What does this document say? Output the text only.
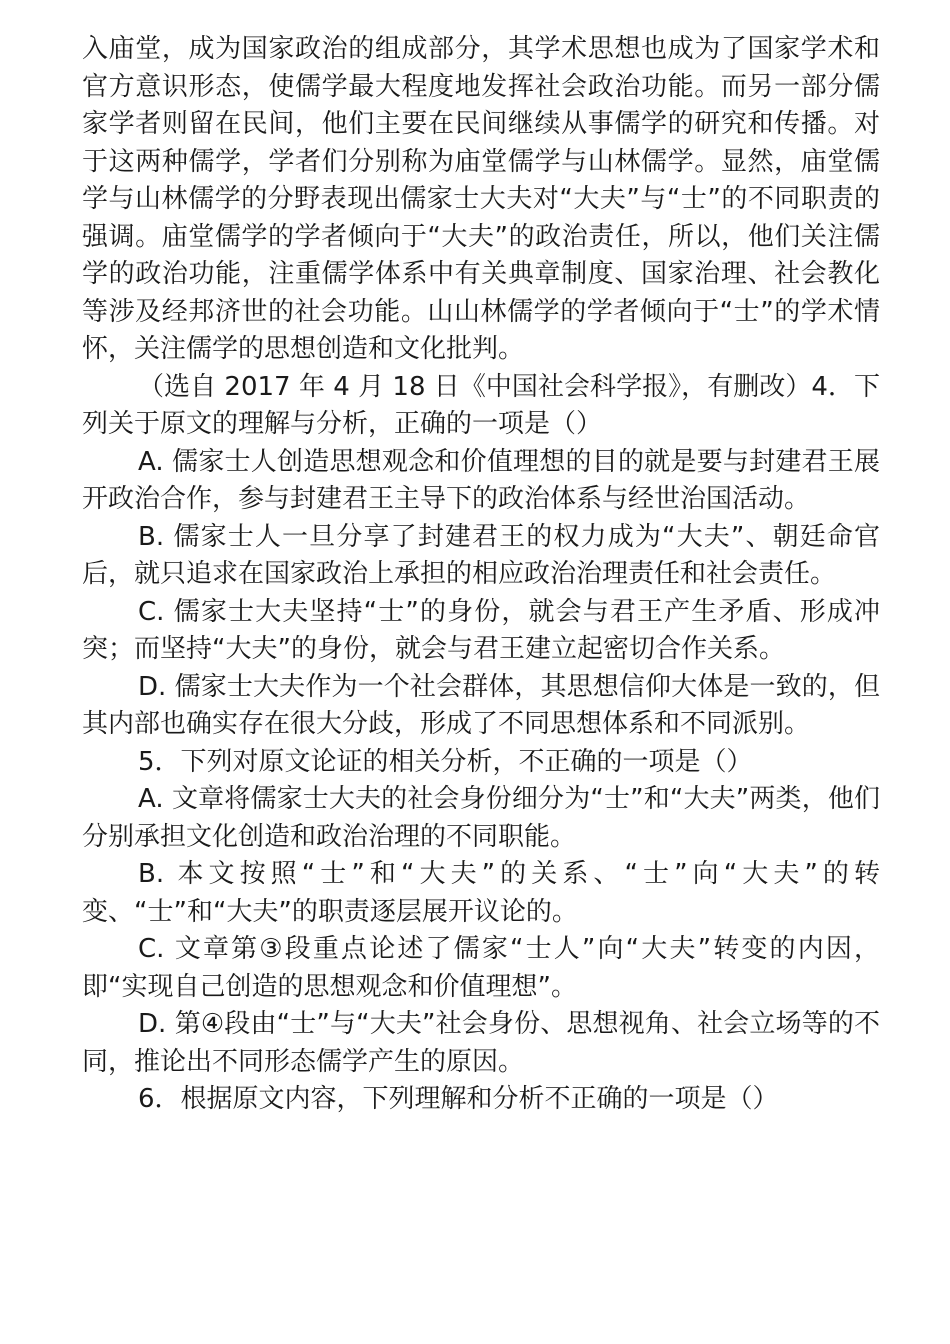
入庙堂，成为国家政治的组成部分，其学术思想也成为了国家学术和官方意识形态，使儒学最大程度地发挥社会政治功能。而另一部分儒家学者则留在民间，他们主要在民间继续从事儒学的研究和传播。对于这两种儒学，学者们分别称为庙堂儒学与山林儒学。显然，庙堂儒学与山林儒学的分野表现出儒家士大夫对“大夫”与“士”的不同职责的强调。庙堂儒学的学者倾向于“大夫”的政治责任，所以，他们关注儒学的政治功能，注重儒学体系中有关典章制度、国家治理、社会教化等涉及经邦济世的社会功能。山山林儒学的学者倾向于“士”的学术情怀，关注儒学的思想创造和文化批判。

（选自 2017 年 4 月 18 日《中国社会科学报》，有删改）4．下列关于原文的理解与分析，正确的一项是（）

A. 儒家士人创造思想观念和价值理想的目的就是要与封建君王展开政治合作，参与封建君王主导下的政治体系与经世治国活动。

B. 儒家士人一旦分享了封建君王的权力成为“大夫”、朝廷命官后，就只追求在国家政治上承担的相应政治治理责任和社会责任。

C. 儒家士大夫坚持“士”的身份，就会与君王产生矛盾、形成冲突；而坚持“大夫”的身份，就会与君王建立起密切合作关系。

D. 儒家士大夫作为一个社会群体，其思想信仰大体是一致的，但其内部也确实存在很大分歧，形成了不同思想体系和不同派别。

5．下列对原文论证的相关分析，不正确的一项是（）

A. 文章将儒家士大夫的社会身份细分为“士”和“大夫”两类，他们分别承担文化创造和政治治理的不同职能。

B. 本文按照“士”和“大夫”的关系、“士”向“大夫”的转变、“士”和“大夫”的职责逐层展开议论的。

C. 文章第③段重点论述了儒家“士人”向“大夫”转变的内因，即“实现自己创造的思想观念和价值理想”。

D. 第④段由“士”与“大夫”社会身份、思想视角、社会立场等的不同，推论出不同形态儒学产生的原因。

6．根据原文内容，下列理解和分析不正确的一项是（）
